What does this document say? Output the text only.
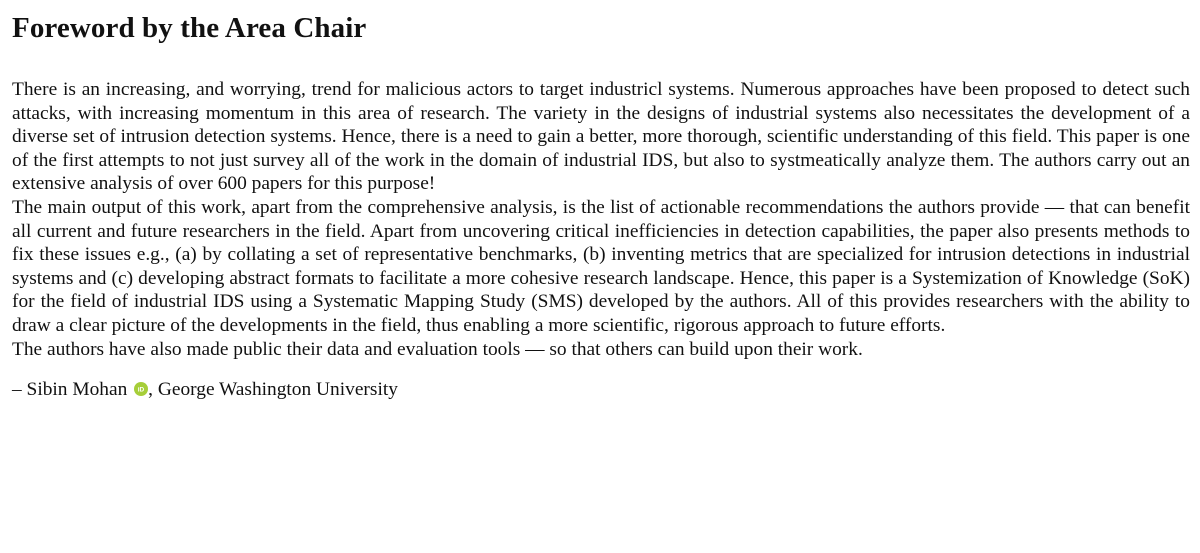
Foreword by the Area Chair

There is an increasing, and worrying, trend for malicious actors to target industricl systems. Numerous approaches have been proposed to detect such attacks, with increasing momentum in this area of research. The variety in the designs of industrial systems also necessitates the development of a diverse set of intrusion detection systems. Hence, there is a need to gain a better, more thorough, scientific understanding of this field. This paper is one of the first attempts to not just survey all of the work in the domain of industrial IDS, but also to systmeatically analyze them. The authors carry out an extensive analysis of over 600 papers for this purpose!

The main output of this work, apart from the comprehensive analysis, is the list of actionable recommendations the authors provide — that can benefit all current and future researchers in the field. Apart from uncovering critical inefficiencies in detection capabilities, the paper also presents methods to fix these issues e.g., (a) by collating a set of representative benchmarks, (b) inventing metrics that are specialized for intrusion detections in industrial systems and (c) developing abstract formats to facilitate a more cohesive research landscape. Hence, this paper is a Systemization of Knowledge (SoK) for the field of industrial IDS using a Systematic Mapping Study (SMS) developed by the authors. All of this provides researchers with the ability to draw a clear picture of the developments in the field, thus enabling a more scientific, rigorous approach to future efforts.

The authors have also made public their data and evaluation tools — so that others can build upon their work.

– Sibin Mohan iD , George Washington University
